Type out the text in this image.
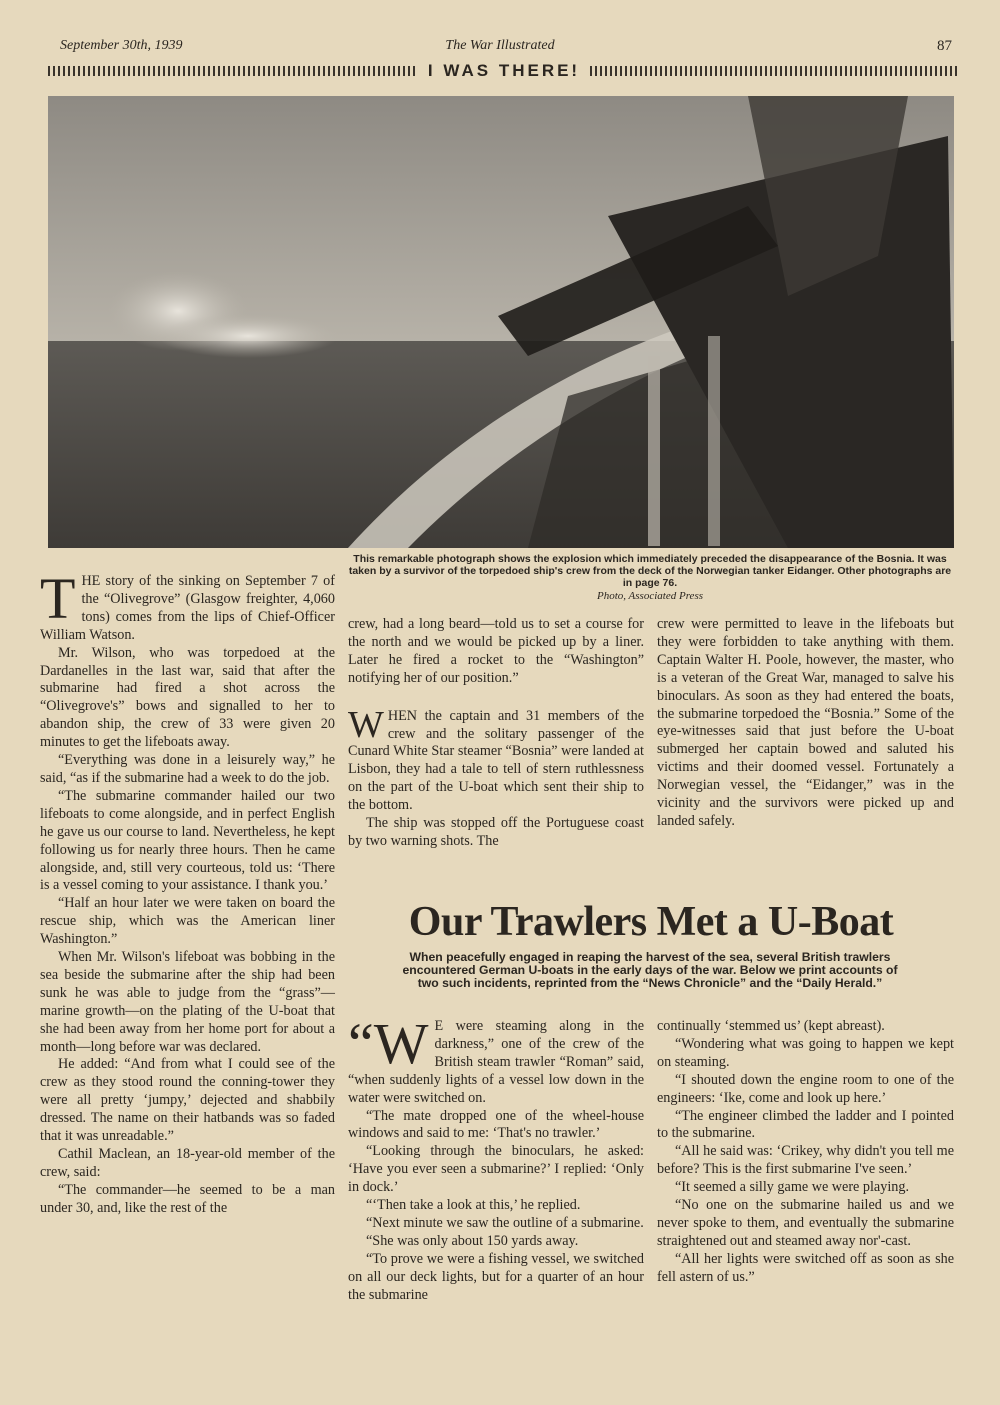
September 30th, 1939	The War Illustrated	87
I WAS THERE!
This remarkable photograph shows the explosion which immediately preceded the disappearance of the Bosnia. It was taken by a survivor of the torpedoed ship's crew from the deck of the Norwegian tanker Eidanger. Other photographs are in page 76.
Photo, Associated Press

THE story of the sinking on September 7 of the “Olivegrove” (Glasgow freighter, 4,060 tons) comes from the lips of Chief-Officer William Watson.

Mr. Wilson, who was torpedoed at the Dardanelles in the last war, said that after the submarine had fired a shot across the “Olivegrove's” bows and signalled to her to abandon ship, the crew of 33 were given 20 minutes to get the lifeboats away.

“Everything was done in a leisurely way,” he said, “as if the submarine had a week to do the job.

“The submarine commander hailed our two lifeboats to come alongside, and in perfect English he gave us our course to land. Nevertheless, he kept following us for nearly three hours. Then he came alongside, and, still very courteous, told us: ‘There is a vessel coming to your assistance. I thank you.’

“Half an hour later we were taken on board the rescue ship, which was the American liner Washington.”

When Mr. Wilson's lifeboat was bobbing in the sea beside the submarine after the ship had been sunk he was able to judge from the “grass”—marine growth—on the plating of the U-boat that she had been away from her home port for about a month—long before war was declared.

He added: “And from what I could see of the crew as they stood round the conning-tower they were all pretty ‘jumpy,’ dejected and shabbily dressed. The name on their hatbands was so faded that it was unreadable.”

Cathil Maclean, an 18-year-old member of the crew, said:

“The commander—he seemed to be a man under 30, and, like the rest of the

crew, had a long beard—told us to set a course for the north and we would be picked up by a liner. Later he fired a rocket to the “Washington” notifying her of our position.”

WHEN the captain and 31 members of the crew and the solitary passenger of the Cunard White Star steamer “Bosnia” were landed at Lisbon, they had a tale to tell of stern ruthlessness on the part of the U-boat which sent their ship to the bottom.

The ship was stopped off the Portuguese coast by two warning shots. The

crew were permitted to leave in the lifeboats but they were forbidden to take anything with them. Captain Walter H. Poole, however, the master, who is a veteran of the Great War, managed to salve his binoculars. As soon as they had entered the boats, the submarine torpedoed the “Bosnia.” Some of the eye-witnesses said that just before the U-boat submerged her captain bowed and saluted his victims and their doomed vessel. Fortunately a Norwegian vessel, the “Eidanger,” was in the vicinity and the survivors were picked up and landed safely.

Our Trawlers Met a U-Boat
When peacefully engaged in reaping the harvest of the sea, several British trawlers encountered German U-boats in the early days of the war. Below we print accounts of two such incidents, reprinted from the “News Chronicle” and the “Daily Herald.”

“W E were steaming along in the darkness,” one of the crew of the British steam trawler “Roman” said, “when suddenly lights of a vessel low down in the water were switched on.

“The mate dropped one of the wheel-house windows and said to me: ‘That's no trawler.’

“Looking through the binoculars, he asked: ‘Have you ever seen a submarine?’ I replied: ‘Only in dock.’

“‘Then take a look at this,’ he replied.

“Next minute we saw the outline of a submarine.

“She was only about 150 yards away.

“To prove we were a fishing vessel, we switched on all our deck lights, but for a quarter of an hour the submarine

continually ‘stemmed us’ (kept abreast).

“Wondering what was going to happen we kept on steaming.

“I shouted down the engine room to one of the engineers: ‘Ike, come and look up here.’

“The engineer climbed the ladder and I pointed to the submarine.

“All he said was: ‘Crikey, why didn't you tell me before? This is the first submarine I've seen.’

“It seemed a silly game we were playing.

“No one on the submarine hailed us and we never spoke to them, and eventually the submarine straightened out and steamed away nor'-cast.

“All her lights were switched off as soon as she fell astern of us.”
